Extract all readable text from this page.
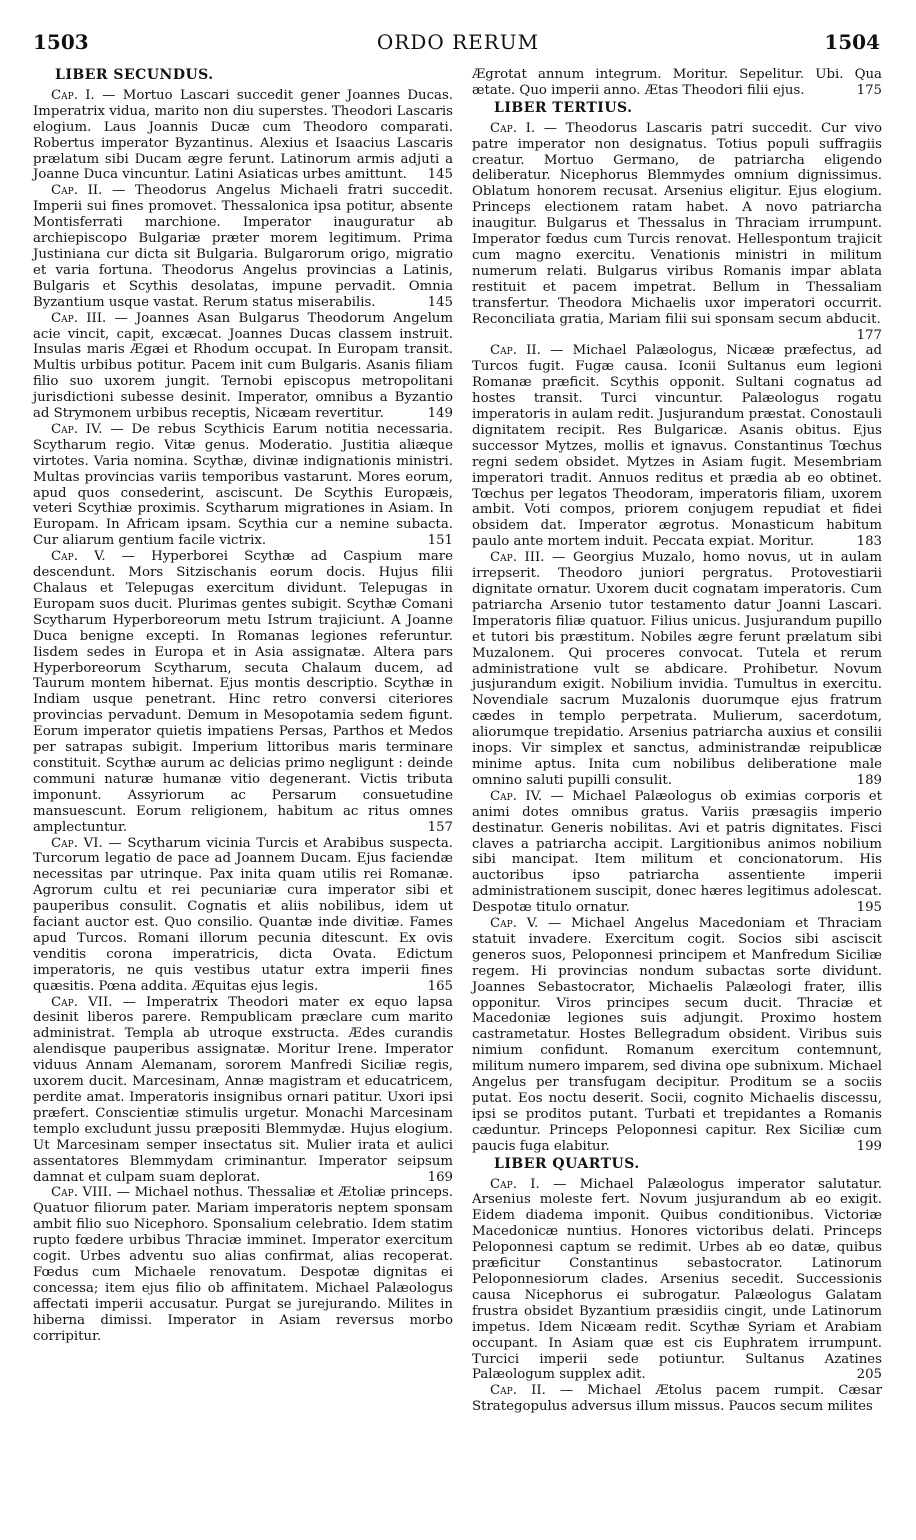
1503	ORDO RERUM	1504
LIBER SECUNDUS.

Cap. I. — Mortuo Lascari succedit gener Joannes Ducas. Imperatrix vidua, marito non diu superstes. Theodori Lascaris elogium. Laus Joannis Ducæ cum Theodoro comparati. Robertus imperator Byzantinus. Alexius et Isaacius Lascaris prælatum sibi Ducam ægre ferunt. Latinorum armis adjuti a Joanne Duca vincuntur. Latini Asiaticas urbes amittunt.	145

Cap. II. — Theodorus Angelus Michaeli fratri succedit. Imperii sui fines promovet. Thessalonica ipsa potitur, absente Montisferrati marchione. Imperator inauguratur ab archiepiscopo Bulgariæ præter morem legitimum. Prima Justiniana cur dicta sit Bulgaria. Bulgarorum origo, migratio et varia fortuna. Theodorus Angelus provincias a Latinis, Bulgaris et Scythis desolatas, impune pervadit. Omnia Byzantium usque vastat. Rerum status miserabilis.	145

Cap. III. — Joannes Asan Bulgarus Theodorum Angelum acie vincit, capit, excæcat. Joannes Ducas classem instruit. Insulas maris Ægæi et Rhodum occupat. In Europam transit. Multis urbibus potitur. Pacem init cum Bulgaris. Asanis filiam filio suo uxorem jungit. Ternobi episcopus metropolitani jurisdictioni subesse desinit. Imperator, omnibus a Byzantio ad Strymonem urbibus receptis, Nicæam revertitur.	149

Cap. IV. — De rebus Scythicis Earum notitia necessaria. Scytharum regio. Vitæ genus. Moderatio. Justitia aliæque virtotes. Varia nomina. Scythæ, divinæ indignationis ministri. Multas provincias variis temporibus vastarunt. Mores eorum, apud quos consederint, asciscunt. De Scythis Europæis, veteri Scythiæ proximis. Scytharum migrationes in Asiam. In Europam. In Africam ipsam. Scythia cur a nemine subacta. Cur aliarum gentium facile victrix.	151

Cap. V. — Hyperborei Scythæ ad Caspium mare descendunt. Mors Sitzischanis eorum docis. Hujus filii Chalaus et Telepugas exercitum dividunt. Telepugas in Europam suos ducit. Plurimas gentes subigit. Scythæ Comani Scytharum Hyperboreorum metu Istrum trajiciunt. A Joanne Duca benigne excepti. In Romanas legiones referuntur. Iisdem sedes in Europa et in Asia assignatæ. Altera pars Hyperboreorum Scytharum, secuta Chalaum ducem, ad Taurum montem hibernat. Ejus montis descriptio. Scythæ in Indiam usque penetrant. Hinc retro conversi citeriores provincias pervadunt. Demum in Mesopotamia sedem figunt. Eorum imperator quietis impatiens Persas, Parthos et Medos per satrapas subigit. Imperium littoribus maris terminare constituit. Scythæ aurum ac delicias primo negligunt : deinde communi naturæ humanæ vitio degenerant. Victis tributa imponunt. Assyriorum ac Persarum consuetudine mansuescunt. Eorum religionem, habitum ac ritus omnes amplectuntur.	157

Cap. VI. — Scytharum vicinia Turcis et Arabibus suspecta. Turcorum legatio de pace ad Joannem Ducam. Ejus faciendæ necessitas par utrinque. Pax inita quam utilis rei Romanæ. Agrorum cultu et rei pecuniariæ cura imperator sibi et pauperibus consulit. Cognatis et aliis nobilibus, idem ut faciant auctor est. Quo consilio. Quantæ inde divitiæ. Fames apud Turcos. Romani illorum pecunia ditescunt. Ex ovis venditis corona imperatricis, dicta Ovata. Edictum imperatoris, ne quis vestibus utatur extra imperii fines quæsitis. Pœna addita. Æquitas ejus legis.	165

Cap. VII. — Imperatrix Theodori mater ex equo lapsa desinit liberos parere. Rempublicam præclare cum marito administrat. Templa ab utroque exstructa. Ædes curandis alendisque pauperibus assignatæ. Moritur Irene. Imperator viduus Annam Alemanam, sororem Manfredi Siciliæ regis, uxorem ducit. Marcesinam, Annæ magistram et educatricem, perdite amat. Imperatoris insignibus ornari patitur. Uxori ipsi præfert. Conscientiæ stimulis urgetur. Monachi Marcesinam templo excludunt jussu præpositi Blemmydæ. Hujus elogium. Ut Marcesinam semper insectatus sit. Mulier irata et aulici assentatores Blemmydam criminantur. Imperator seipsum damnat et culpam suam deplorat.	169

Cap. VIII. — Michael nothus. Thessaliæ et Ætoliæ princeps. Quatuor filiorum pater. Mariam imperatoris neptem sponsam ambit filio suo Nicephoro. Sponsalium celebratio. Idem statim rupto fœdere urbibus Thraciæ imminet. Imperator exercitum cogit. Urbes adventu suo alias confirmat, alias recoperat. Fœdus cum Michaele renovatum. Despotæ dignitas ei concessa; item ejus filio ob affinitatem. Michael Palæologus affectati imperii accusatur. Purgat se jurejurando. Milites in hiberna dimissi. Imperator in Asiam reversus morbo corripitur.

Ægrotat annum integrum. Moritur. Sepelitur. Ubi. Qua ætate. Quo imperii anno. Ætas Theodori filii ejus.	175

LIBER TERTIUS.

Cap. I. — Theodorus Lascaris patri succedit. Cur vivo patre imperator non designatus. Totius populi suffragiis creatur. Mortuo Germano, de patriarcha eligendo deliberatur. Nicephorus Blemmydes omnium dignissimus. Oblatum honorem recusat. Arsenius eligitur. Ejus elogium. Princeps electionem ratam habet. A novo patriarcha inaugitur. Bulgarus et Thessalus in Thraciam irrumpunt. Imperator fœdus cum Turcis renovat. Hellespontum trajicit cum magno exercitu. Venationis ministri in militum numerum relati. Bulgarus viribus Romanis impar ablata restituit et pacem impetrat. Bellum in Thessaliam transfertur. Theodora Michaelis uxor imperatori occurrit. Reconciliata gratia, Mariam filii sui sponsam secum abducit.
177

Cap. II. — Michael Palæologus, Nicææ præfectus, ad Turcos fugit. Fugæ causa. Iconii Sultanus eum legioni Romanæ præficit. Scythis opponit. Sultani cognatus ad hostes transit. Turci vincuntur. Palæologus rogatu imperatoris in aulam redit. Jusjurandum præstat. Conostauli dignitatem recipit. Res Bulgaricæ. Asanis obitus. Ejus successor Mytzes, mollis et ignavus. Constantinus Tœchus regni sedem obsidet. Mytzes in Asiam fugit. Mesembriam imperatori tradit. Annuos reditus et prædia ab eo obtinet. Tœchus per legatos Theodoram, imperatoris filiam, uxorem ambit. Voti compos, priorem conjugem repudiat et fidei obsidem dat. Imperator ægrotus. Monasticum habitum paulo ante mortem induit. Peccata expiat. Moritur.	183

Cap. III. — Georgius Muzalo, homo novus, ut in aulam irrepserit. Theodoro juniori pergratus. Protovestiarii dignitate ornatur. Uxorem ducit cognatam imperatoris. Cum patriarcha Arsenio tutor testamento datur Joanni Lascari. Imperatoris filiæ quatuor. Filius unicus. Jusjurandum pupillo et tutori bis præstitum. Nobiles ægre ferunt prælatum sibi Muzalonem. Qui proceres convocat. Tutela et rerum administratione vult se abdicare. Prohibetur. Novum jusjurandum exigit. Nobilium invidia. Tumultus in exercitu. Novendiale sacrum Muzalonis duorumque ejus fratrum cædes in templo perpetrata. Mulierum, sacerdotum, aliorumque trepidatio. Arsenius patriarcha auxius et consilii inops. Vir simplex et sanctus, administrandæ reipublicæ minime aptus. Inita cum nobilibus deliberatione male omnino saluti pupilli consulit.	189

Cap. IV. — Michael Palæologus ob eximias corporis et animi dotes omnibus gratus. Variis præsagiis imperio destinatur. Generis nobilitas. Avi et patris dignitates. Fisci claves a patriarcha accipit. Largitionibus animos nobilium sibi mancipat. Item militum et concionatorum. His auctoribus ipso patriarcha assentiente imperii administrationem suscipit, donec hæres legitimus adolescat. Despotæ titulo ornatur.	195

Cap. V. — Michael Angelus Macedoniam et Thraciam statuit invadere. Exercitum cogit. Socios sibi asciscit generos suos, Peloponnesi principem et Manfredum Siciliæ regem. Hi provincias nondum subactas sorte dividunt. Joannes Sebastocrator, Michaelis Palæologi frater, illis opponitur. Viros principes secum ducit. Thraciæ et Macedoniæ legiones suis adjungit. Proximo hostem castrametatur. Hostes Bellegradum obsident. Viribus suis nimium confidunt. Romanum exercitum contemnunt, militum numero imparem, sed divina ope subnixum. Michael Angelus per transfugam decipitur. Proditum se a sociis putat. Eos noctu deserit. Socii, cognito Michaelis discessu, ipsi se proditos putant. Turbati et trepidantes a Romanis cæduntur. Princeps Peloponnesi capitur. Rex Siciliæ cum paucis fuga elabitur.	199

LIBER QUARTUS.

Cap. I. — Michael Palæologus imperator salutatur. Arsenius moleste fert. Novum jusjurandum ab eo exigit. Eidem diadema imponit. Quibus conditionibus. Victoriæ Macedonicæ nuntius. Honores victoribus delati. Princeps Peloponnesi captum se redimit. Urbes ab eo datæ, quibus præficitur Constantinus sebastocrator. Latinorum Peloponnesiorum clades. Arsenius secedit. Successionis causa Nicephorus ei subrogatur. Palæologus Galatam frustra obsidet Byzantium præsidiis cingit, unde Latinorum impetus. Idem Nicæam redit. Scythæ Syriam et Arabiam occupant. In Asiam quæ est cis Euphratem irrumpunt. Turcici imperii sede potiuntur. Sultanus Azatines Palæologum supplex adit.	205

Cap. II. — Michael Ætolus pacem rumpit. Cæsar Strategopulus adversus illum missus. Paucos secum milites
